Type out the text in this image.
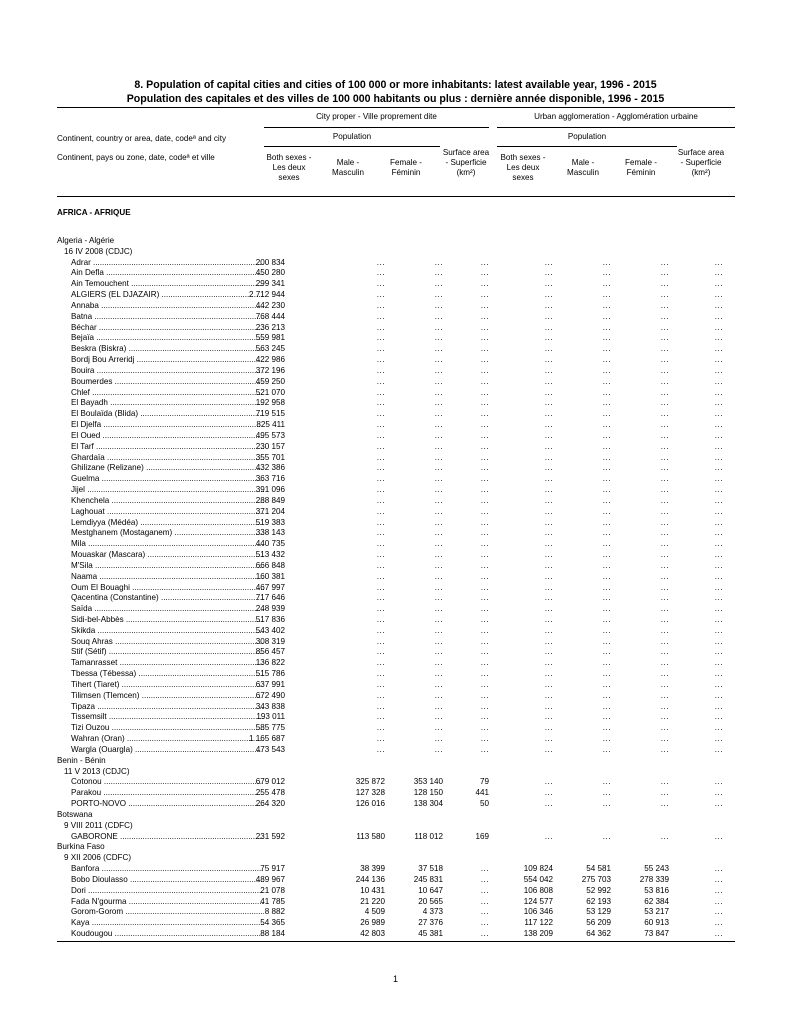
8. Population of capital cities and cities of 100 000 or more inhabitants: latest available year, 1996 - 2015
Population des capitales et des villes de 100 000 habitants ou plus : dernière année disponible, 1996 - 2015
Continent, country or area, date, codeª and city
Continent, pays ou zone, date, codeª et ville
City proper - Ville proprement dite	Urban agglomeration - Agglomération urbaine
Population	Population
Both sexes - Les deux sexes
Male - Masculin
Female - Féminin
Surface area - Superficie (km²)
Both sexes - Les deux sexes
Male - Masculin
Female - Féminin
Surface area - Superficie (km²)
AFRICA - AFRIQUE
Algeria - Algérie
16 IV 2008 (CDJC)
Adrar .....	200 834	...	...	...	...	...	...	...
Ain Defla .....	450 280	...	...	...	...	...	...	...
Ain Temouchent .....	299 341	...	...	...	...	...	...	...
ALGIERS (EL DJAZAIR) .....	2 712 944	...	...	...	...	...	...	...
Annaba .....	442 230	...	...	...	...	...	...	...
Batna .....	768 444	...	...	...	...	...	...	...
Béchar .....	236 213	...	...	...	...	...	...	...
Bejaïa .....	559 981	...	...	...	...	...	...	...
Beskra (Biskra) .....	563 245	...	...	...	...	...	...	...
Bordj Bou Arreridj .....	422 986	...	...	...	...	...	...	...
Bouira .....	372 196	...	...	...	...	...	...	...
Boumerdes .....	459 250	...	...	...	...	...	...	...
Chlef .....	521 070	...	...	...	...	...	...	...
El Bayadh .....	192 958	...	...	...	...	...	...	...
El Boulaïda (Blida) .....	719 515	...	...	...	...	...	...	...
El Djelfa .....	825 411	...	...	...	...	...	...	...
El Oued .....	495 573	...	...	...	...	...	...	...
El Tarf .....	230 157	...	...	...	...	...	...	...
Ghardaïa .....	355 701	...	...	...	...	...	...	...
Ghilizane (Relizane) .....	432 386	...	...	...	...	...	...	...
Guelma .....	363 716	...	...	...	...	...	...	...
Jijel .....	391 096	...	...	...	...	...	...	...
Khenchela .....	288 849	...	...	...	...	...	...	...
Laghouat .....	371 204	...	...	...	...	...	...	...
Lemdiyya (Médéa) .....	519 383	...	...	...	...	...	...	...
Mestghanem (Mostaganem) .....	338 143	...	...	...	...	...	...	...
Mila .....	440 735	...	...	...	...	...	...	...
Mouaskar (Mascara) .....	513 432	...	...	...	...	...	...	...
M'Sila .....	666 848	...	...	...	...	...	...	...
Naama .....	160 381	...	...	...	...	...	...	...
Oum El Bouaghi .....	467 997	...	...	...	...	...	...	...
Qacentina (Constantine) .....	717 646	...	...	...	...	...	...	...
Saïda .....	248 939	...	...	...	...	...	...	...
Sidi-bel-Abbès .....	517 836	...	...	...	...	...	...	...
Skikda .....	543 402	...	...	...	...	...	...	...
Souq Ahras .....	308 319	...	...	...	...	...	...	...
Stif (Sétif) .....	856 457	...	...	...	...	...	...	...
Tamanrasset .....	136 822	...	...	...	...	...	...	...
Tbessa (Tébessa) .....	515 786	...	...	...	...	...	...	...
Tihert (Tiaret) .....	637 991	...	...	...	...	...	...	...
Tilimsen (Tlemcen) .....	672 490	...	...	...	...	...	...	...
Tipaza .....	343 838	...	...	...	...	...	...	...
Tissemsilt .....	193 011	...	...	...	...	...	...	...
Tizi Ouzou .....	585 775	...	...	...	...	...	...	...
Wahran (Oran) .....	1 165 687	...	...	...	...	...	...	...
Wargla (Ouargla) .....	473 543	...	...	...	...	...	...	...
Benin - Bénin
11 V 2013 (CDJC)
Cotonou .....	679 012	325 872	353 140	79	...	...	...	...
Parakou .....	255 478	127 328	128 150	441	...	...	...	...
PORTO-NOVO .....	264 320	126 016	138 304	50	...	...	...	...
Botswana
9 VIII 2011 (CDFC)
GABORONE .....	231 592	113 580	118 012	169	...	...	...	...
Burkina Faso
9 XII 2006 (CDFC)
Banfora .....	75 917	38 399	37 518	...	109 824	54 581	55 243	...
Bobo Dioulasso .....	489 967	244 136	245 831	...	554 042	275 703	278 339	...
Dori .....	21 078	10 431	10 647	...	106 808	52 992	53 816	...
Fada N'gourma .....	41 785	21 220	20 565	...	124 577	62 193	62 384	...
Gorom-Gorom .....	8 882	4 509	4 373	...	106 346	53 129	53 217	...
Kaya .....	54 365	26 989	27 376	...	117 122	56 209	60 913	...
Koudougou .....	88 184	42 803	45 381	...	138 209	64 362	73 847	...
1
